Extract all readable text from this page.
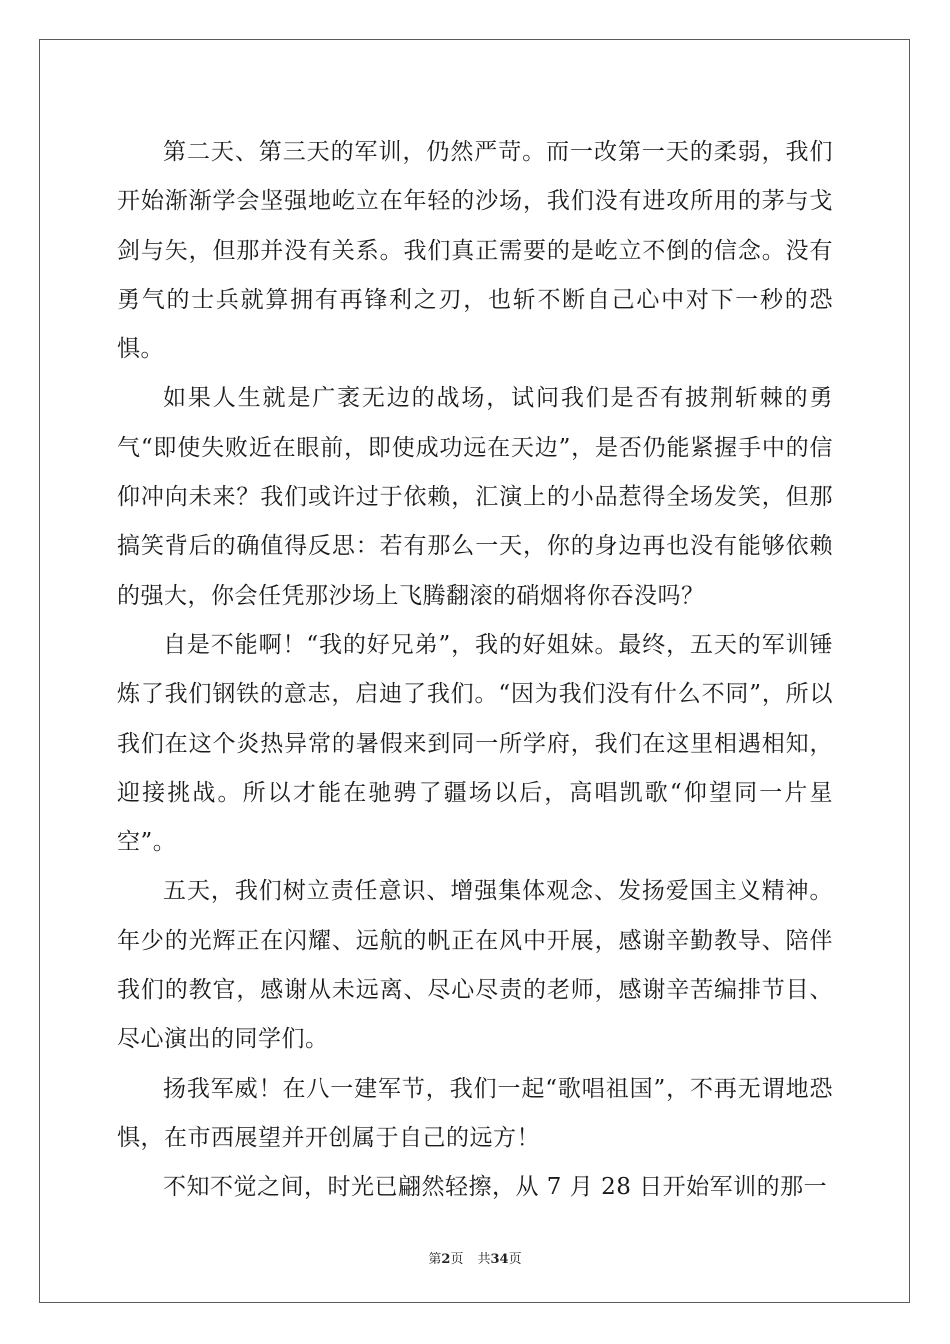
第二天、第三天的军训，仍然严苛。而一改第一天的柔弱，我们开始渐渐学会坚强地屹立在年轻的沙场，我们没有进攻所用的茅与戈剑与矢，但那并没有关系。我们真正需要的是屹立不倒的信念。没有勇气的士兵就算拥有再锋利之刃，也斩不断自己心中对下一秒的恐惧。

如果人生就是广袤无边的战场，试问我们是否有披荆斩棘的勇气“即使失败近在眼前，即使成功远在天边”，是否仍能紧握手中的信仰冲向未来？我们或许过于依赖，汇演上的小品惹得全场发笑，但那搞笑背后的确值得反思：若有那么一天，你的身边再也没有能够依赖的强大，你会任凭那沙场上飞腾翻滚的硝烟将你吞没吗？

自是不能啊！“我的好兄弟”，我的好姐妹。最终，五天的军训锤炼了我们钢铁的意志，启迪了我们。“因为我们没有什么不同”，所以我们在这个炎热异常的暑假来到同一所学府，我们在这里相遇相知，迎接挑战。所以才能在驰骋了疆场以后，高唱凯歌“仰望同一片星空”。

五天，我们树立责任意识、增强集体观念、发扬爱国主义精神。年少的光辉正在闪耀、远航的帆正在风中开展，感谢辛勤教导、陪伴我们的教官，感谢从未远离、尽心尽责的老师，感谢辛苦编排节目、尽心演出的同学们。

扬我军威！在八一建军节，我们一起“歌唱祖国”，不再无谓地恐惧，在市西展望并开创属于自己的远方！

不知不觉之间，时光已翩然轻擦，从 7 月 28 日开始军训的那一

第2页 共34页
